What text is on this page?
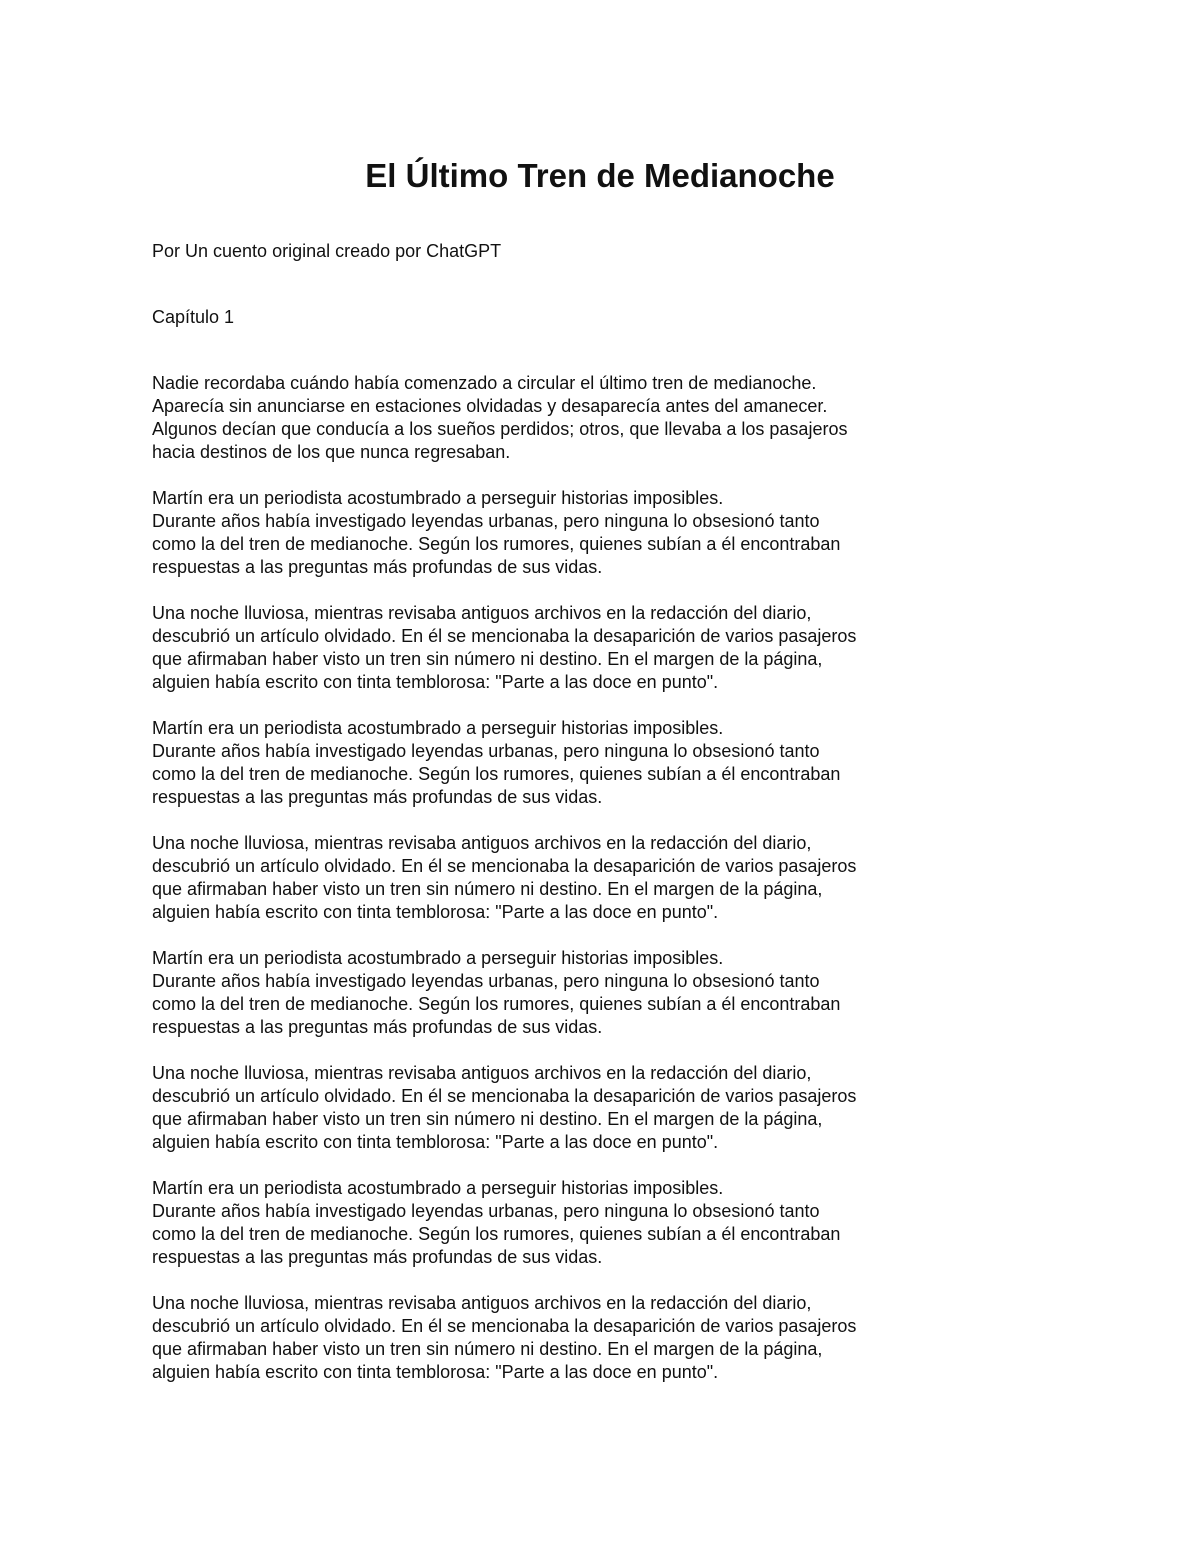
El Último Tren de Medianoche
Por Un cuento original creado por ChatGPT
Capítulo 1

Nadie recordaba cuándo había comenzado a circular el último tren de medianoche.
Aparecía sin anunciarse en estaciones olvidadas y desaparecía antes del amanecer.
Algunos decían que conducía a los sueños perdidos; otros, que llevaba a los pasajeros
hacia destinos de los que nunca regresaban.

Martín era un periodista acostumbrado a perseguir historias imposibles.
Durante años había investigado leyendas urbanas, pero ninguna lo obsesionó tanto
como la del tren de medianoche. Según los rumores, quienes subían a él encontraban
respuestas a las preguntas más profundas de sus vidas.

Una noche lluviosa, mientras revisaba antiguos archivos en la redacción del diario,
descubrió un artículo olvidado. En él se mencionaba la desaparición de varios pasajeros
que afirmaban haber visto un tren sin número ni destino. En el margen de la página,
alguien había escrito con tinta temblorosa: "Parte a las doce en punto".

Martín era un periodista acostumbrado a perseguir historias imposibles.
Durante años había investigado leyendas urbanas, pero ninguna lo obsesionó tanto
como la del tren de medianoche. Según los rumores, quienes subían a él encontraban
respuestas a las preguntas más profundas de sus vidas.

Una noche lluviosa, mientras revisaba antiguos archivos en la redacción del diario,
descubrió un artículo olvidado. En él se mencionaba la desaparición de varios pasajeros
que afirmaban haber visto un tren sin número ni destino. En el margen de la página,
alguien había escrito con tinta temblorosa: "Parte a las doce en punto".

Martín era un periodista acostumbrado a perseguir historias imposibles.
Durante años había investigado leyendas urbanas, pero ninguna lo obsesionó tanto
como la del tren de medianoche. Según los rumores, quienes subían a él encontraban
respuestas a las preguntas más profundas de sus vidas.

Una noche lluviosa, mientras revisaba antiguos archivos en la redacción del diario,
descubrió un artículo olvidado. En él se mencionaba la desaparición de varios pasajeros
que afirmaban haber visto un tren sin número ni destino. En el margen de la página,
alguien había escrito con tinta temblorosa: "Parte a las doce en punto".

Martín era un periodista acostumbrado a perseguir historias imposibles.
Durante años había investigado leyendas urbanas, pero ninguna lo obsesionó tanto
como la del tren de medianoche. Según los rumores, quienes subían a él encontraban
respuestas a las preguntas más profundas de sus vidas.

Una noche lluviosa, mientras revisaba antiguos archivos en la redacción del diario,
descubrió un artículo olvidado. En él se mencionaba la desaparición de varios pasajeros
que afirmaban haber visto un tren sin número ni destino. En el margen de la página,
alguien había escrito con tinta temblorosa: "Parte a las doce en punto".
